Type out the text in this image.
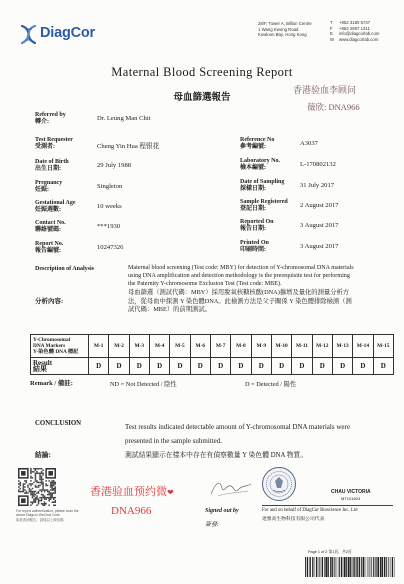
DiagCor
28/F, Tower A, Billion Centre
1 Wang Kwong Road
Kowloon Bay, Hong Kong
T +852 3180 5747
F +852 2697 1311
E info@diagcorlab.com
W www.diagcorlab.com
Maternal Blood Screening Report
母血篩選報告
香港验血李顾问
薇欣: DNA966
Referred by
轉介:	Dr. Leung Man Chit
Test Requester
受測者:	Cheng Yin Hua 程银花
Date of Birth
出生日期:	29 July 1988
Pregnancy
妊娠:	Singleton
Gestational Age
妊娠週數:	10 weeks
Contact No.
聯絡號碼:	***1930
Report No.
報告編號:	10247326
Reference No
參考編號:	A3037
Laboratory No.
檢本編號:	L-170802132
Date of Sampling
採樣日期:	31 July 2017
Sample Registered
登記日期:	2 August 2017
Reported On
報告日期:	3 August 2017
Printed On
印刷時間:	3 August 2017
Description of Analysis	Maternal blood screening (Test code: MBY) for detection of Y-chromosomal DNA materials
using DNA amplification and detection methodology is the prerequisite test for performing
the Paternity Y-chromosome Exclusion Test (Test code: MBE).
分析內容:
母血篩選（測試代碼：MBY）採用脫氧核糖核酸(DNA)擴增及量化的測量分析方
法，從母血中探測 Y 染色體DNA。此檢測方法是父子關係 Y 染色體排除檢測（測
試代碼：MBE）的前期測試。
Y-Chromosomal
DNA Markers
Y-染色體 DNA 標記	M-1	M-2	M-3	M-4	M-5	M-6	M-7	M-8	M-9	M-10	M-11	M-12	M-13	M-14	M-15

Result
結果	D	D	D	D	D	D	D	D	D	D	D	D	D	D	D
Remark / 備註:	ND = Not Detected / 陰性	D = Detected / 陽性
CONCLUSION	Test results indicated detectable amount of Y-chromosomal DNA materials were
presented in the sample submitted.
結論:	測試結果顯示在樣本中存在有偵察數量 Y 染色體 DNA 物質。
For report authentication, please scan the
above Diagcor WeChat Code
如欲查詢報告，請掃以上微信碼
香港验血预约微❤
DNA966	Signed out by
簽發:
CHAU VICTORIA
MT101603
For and on behalf of DiagCor Bioscience Inc. Ltd
達雅高生物科技有限公司代表
Page 1 of 2 第1頁，共2頁
